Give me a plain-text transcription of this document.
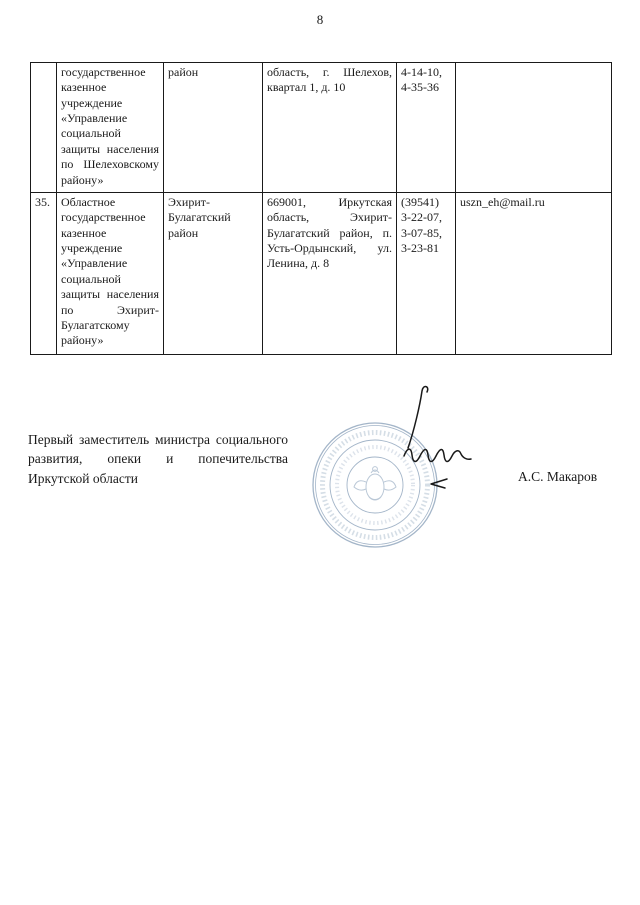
8
	государственное казенное учреждение «Управление социальной защиты населения по Шелеховскому району»	район	область, г. Шелехов, квартал 1, д. 10	4-14-10, 4-35-36	
35.	Областное государственное казенное учреждение «Управление социальной защиты населения по Эхирит-Булагатскому району»	Эхирит-Булагатский район	669001, Иркутская область, Эхирит-Булагатский район, п. Усть-Ордынский, ул. Ленина, д. 8	(39541) 3-22-07, 3-07-85, 3-23-81	uszn_eh@mail.ru
Первый заместитель министра социального развития, опеки и попечительства Иркутской области	А.С. Макаров
